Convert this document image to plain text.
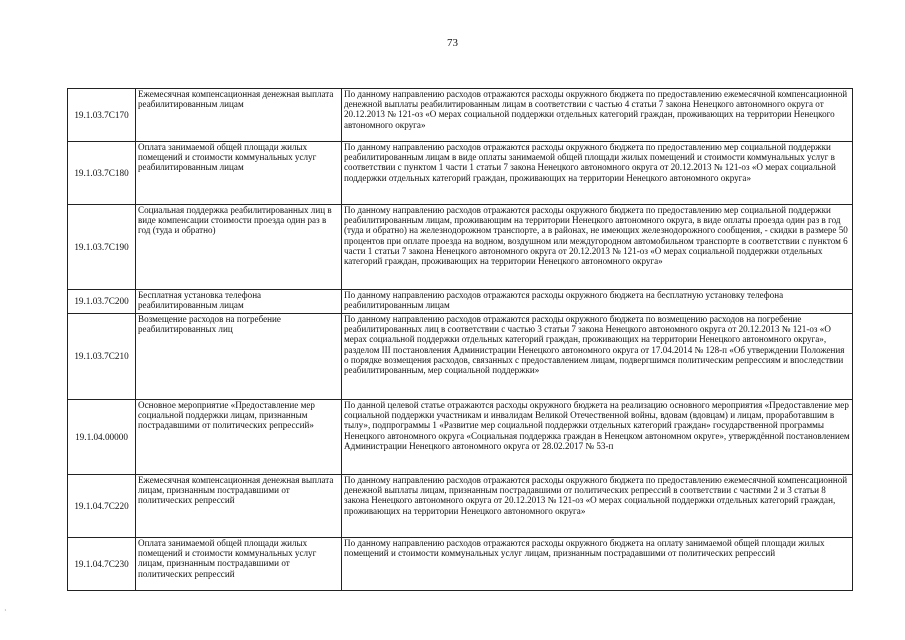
73
19.1.03.7С170	Ежемесячная компенсационная денежная выплата реабилитированным лицам	По данному направлению расходов отражаются расходы окружного бюджета по предоставлению ежемесячной компенсационной денежной выплаты реабилитированным лицам в соответствии с частью 4 статьи 7 закона Ненецкого автономного округа от 20.12.2013 № 121-оз «О мерах социальной поддержки отдельных категорий граждан, проживающих на территории Ненецкого автономного округа»
19.1.03.7С180	Оплата занимаемой общей площади жилых помещений и стоимости коммунальных услуг реабилитированным лицам	По данному направлению расходов отражаются расходы окружного бюджета по предоставлению мер социальной поддержки реабилитированным лицам в виде оплаты занимаемой общей площади жилых помещений и стоимости коммунальных услуг в соответствии с пунктом 1 части 1 статьи 7 закона Ненецкого автономного округа от 20.12.2013 № 121-оз «О мерах социальной поддержки отдельных категорий граждан, проживающих на территории Ненецкого автономного округа»
19.1.03.7С190	Социальная поддержка реабилитированных лиц в виде компенсации стоимости проезда один раз в год (туда и обратно)	По данному направлению расходов отражаются расходы окружного бюджета по предоставлению мер социальной поддержки реабилитированным лицам, проживающим на территории Ненецкого автономного округа, в виде оплаты проезда один раз в год (туда и обратно) на железнодорожном транспорте, а в районах, не имеющих железнодорожного сообщения, - скидки в размере 50 процентов при оплате проезда на водном, воздушном или междугородном автомобильном транспорте в соответствии с пунктом 6 части 1 статьи 7 закона Ненецкого автономного округа от 20.12.2013 № 121-оз «О мерах социальной поддержки отдельных категорий граждан, проживающих на территории Ненецкого автономного округа»
19.1.03.7С200	Бесплатная установка телефона реабилитированным лицам	По данному направлению расходов отражаются расходы окружного бюджета на бесплатную установку телефона реабилитированным лицам
19.1.03.7С210	Возмещение расходов на погребение реабилитированных лиц	По данному направлению расходов отражаются расходы окружного бюджета по возмещению расходов на погребение реабилитированных лиц в соответствии с частью 3 статьи 7 закона Ненецкого автономного округа от 20.12.2013 № 121-оз «О мерах социальной поддержки отдельных категорий граждан, проживающих на территории Ненецкого автономного округа», разделом III постановления Администрации Ненецкого автономного округа от 17.04.2014 № 128-п «Об утверждении Положения о порядке возмещения расходов, связанных с предоставлением лицам, подвергшимся политическим репрессиям и впоследствии реабилитированным, мер социальной поддержки»
19.1.04.00000	Основное мероприятие «Предоставление мер социальной поддержки лицам, признанным пострадавшими от политических репрессий»	По данной целевой статье отражаются расходы окружного бюджета на реализацию основного мероприятия «Предоставление мер социальной поддержки участникам и инвалидам Великой Отечественной войны, вдовам (вдовцам) и лицам, проработавшим в тылу», подпрограммы 1 «Развитие мер социальной поддержки отдельных категорий граждан» государственной программы Ненецкого автономного округа «Социальная поддержка граждан в Ненецком автономном округе», утверждённой постановлением Администрации Ненецкого автономного округа от 28.02.2017 № 53-п
19.1.04.7С220	Ежемесячная компенсационная денежная выплата лицам, признанным пострадавшими от политических репрессий	По данному направлению расходов отражаются расходы окружного бюджета по предоставлению ежемесячной компенсационной денежной выплаты лицам, признанным пострадавшими от политических репрессий в соответствии с частями 2 и 3 статьи 8 закона Ненецкого автономного округа от 20.12.2013 № 121-оз «О мерах социальной поддержки отдельных категорий граждан, проживающих на территории Ненецкого автономного округа»
19.1.04.7С230	Оплата занимаемой общей площади жилых помещений и стоимости коммунальных услуг лицам, признанным пострадавшими от политических репрессий	По данному направлению расходов отражаются расходы окружного бюджета на оплату занимаемой общей площади жилых помещений и стоимости коммунальных услуг лицам, признанным пострадавшими от политических репрессий
·
